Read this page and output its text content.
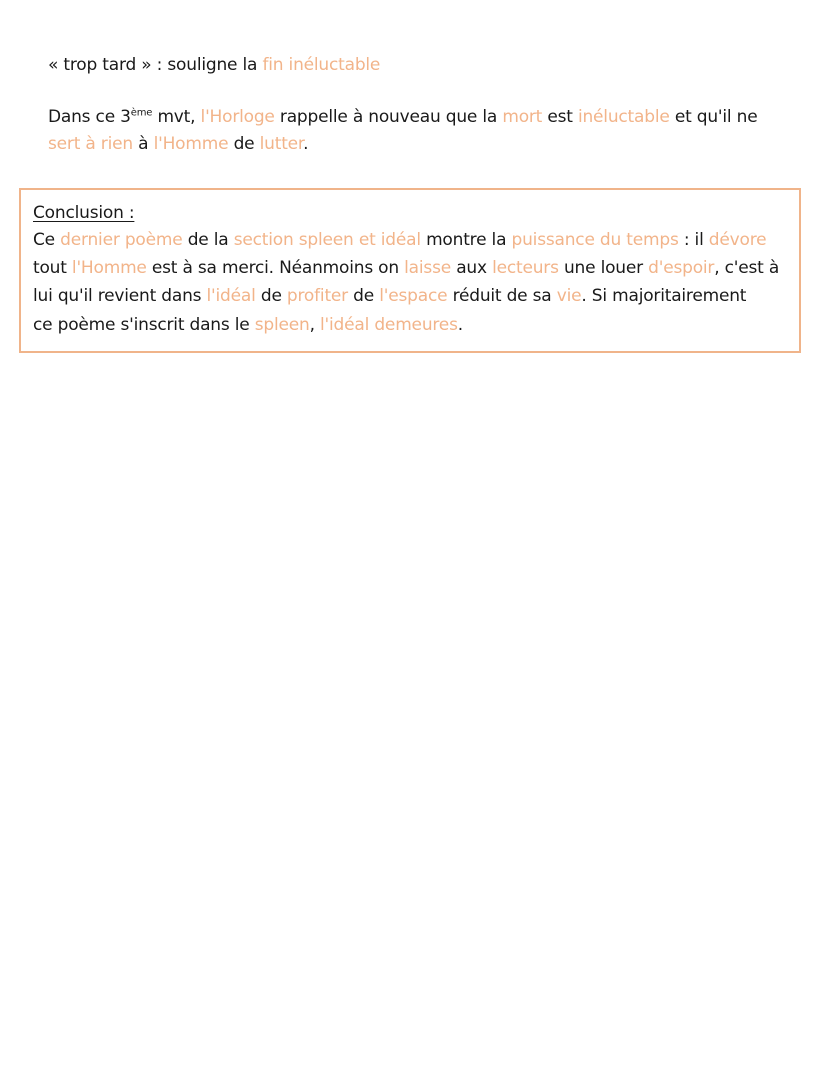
« trop tard » : souligne la fin inéluctable
Dans ce 3ème mvt, l'Horloge rappelle à nouveau que la mort est inéluctable et qu'il ne
sert à rien à l'Homme de lutter.
Conclusion :
Ce dernier poème de la section spleen et idéal montre la puissance du temps : il dévore
tout l'Homme est à sa merci. Néanmoins on laisse aux lecteurs une louer d'espoir, c'est à
lui qu'il revient dans l'idéal de profiter de l'espace réduit de sa vie. Si majoritairement
ce poème s'inscrit dans le spleen, l'idéal demeures.
